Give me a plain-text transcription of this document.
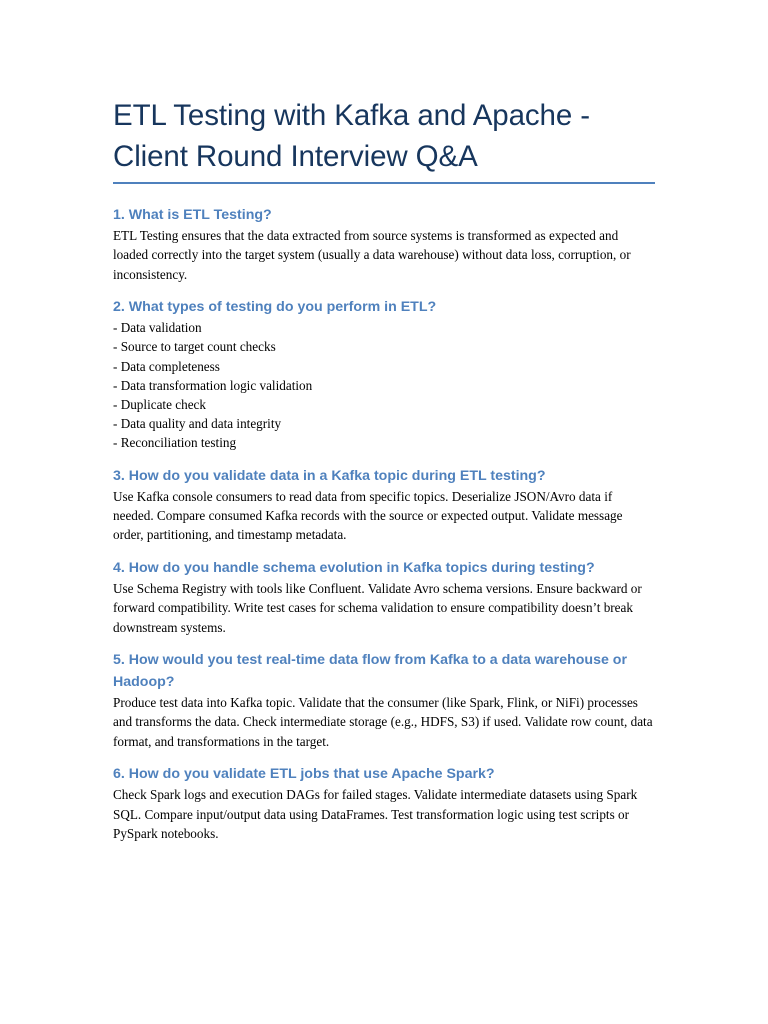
ETL Testing with Kafka and Apache - Client Round Interview Q&A
1. What is ETL Testing?

ETL Testing ensures that the data extracted from source systems is transformed as expected and loaded correctly into the target system (usually a data warehouse) without data loss, corruption, or inconsistency.

2. What types of testing do you perform in ETL?
- Data validation
- Source to target count checks
- Data completeness
- Data transformation logic validation
- Duplicate check
- Data quality and data integrity
- Reconciliation testing
3. How do you validate data in a Kafka topic during ETL testing?

Use Kafka console consumers to read data from specific topics. Deserialize JSON/Avro data if needed. Compare consumed Kafka records with the source or expected output. Validate message order, partitioning, and timestamp metadata.

4. How do you handle schema evolution in Kafka topics during testing?

Use Schema Registry with tools like Confluent. Validate Avro schema versions. Ensure backward or forward compatibility. Write test cases for schema validation to ensure compatibility doesn’t break downstream systems.

5. How would you test real-time data flow from Kafka to a data warehouse or Hadoop?

Produce test data into Kafka topic. Validate that the consumer (like Spark, Flink, or NiFi) processes and transforms the data. Check intermediate storage (e.g., HDFS, S3) if used. Validate row count, data format, and transformations in the target.

6. How do you validate ETL jobs that use Apache Spark?

Check Spark logs and execution DAGs for failed stages. Validate intermediate datasets using Spark SQL. Compare input/output data using DataFrames. Test transformation logic using test scripts or PySpark notebooks.
